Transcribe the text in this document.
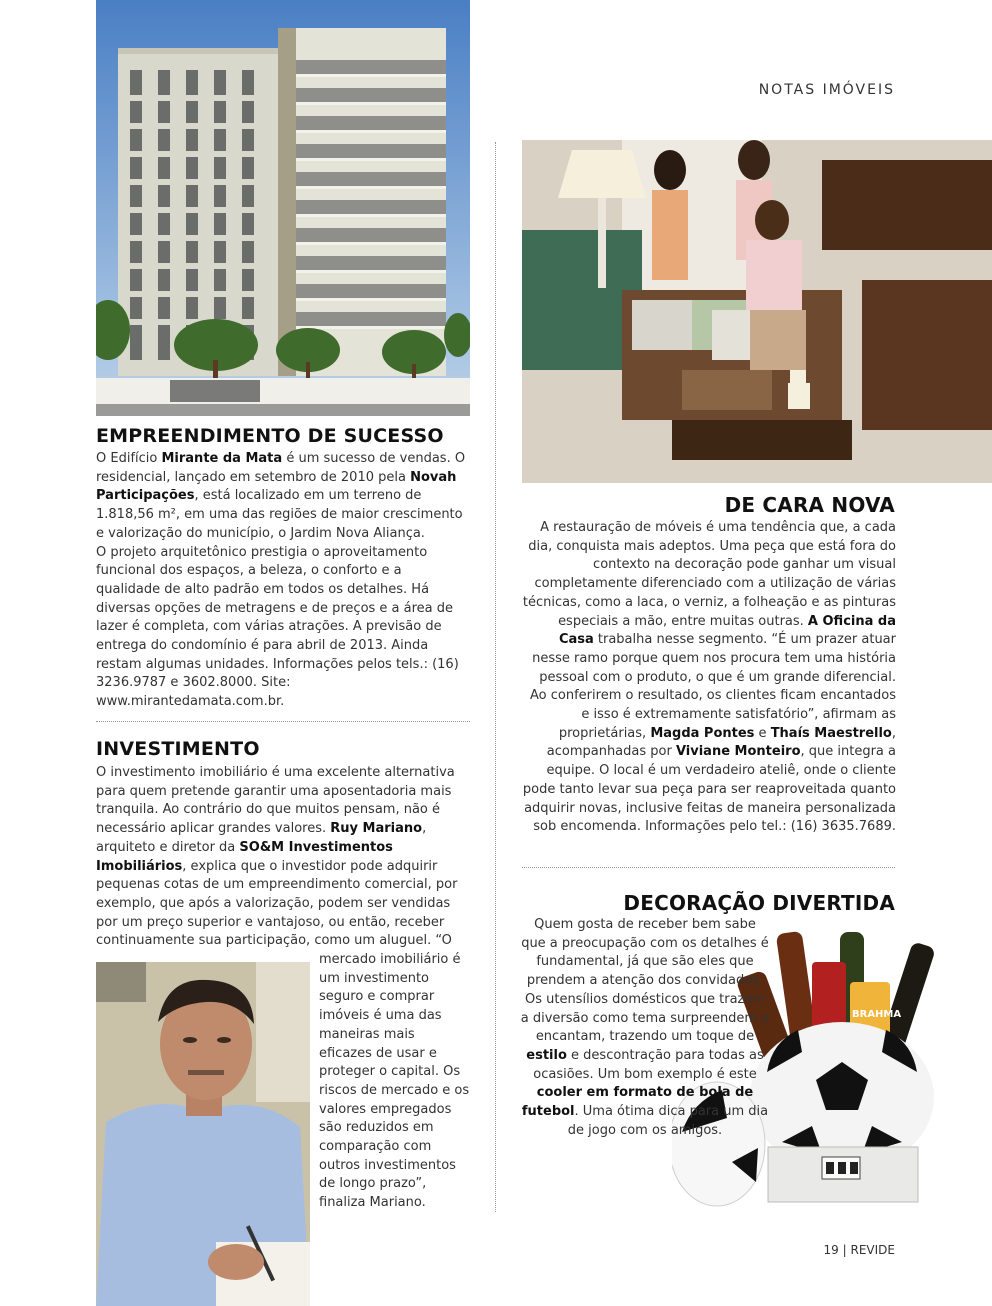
NOTAS IMÓVEIS
EMPREENDIMENTO DE SUCESSO

O Edifício Mirante da Mata é um sucesso de vendas. O residencial, lançado em setembro de 2010 pela Novah Participações, está localizado em um terreno de 1.818,56 m², em uma das regiões de maior crescimento e valorização do município, o Jardim Nova Aliança.

O projeto arquitetônico prestigia o aproveitamento funcional dos espaços, a beleza, o conforto e a qualidade de alto padrão em todos os detalhes. Há diversas opções de metragens e de preços e a área de lazer é completa, com várias atrações. A previsão de entrega do condomínio é para abril de 2013. Ainda restam algumas unidades. Informações pelos tels.: (16) 3236.9787 e 3602.8000. Site: www.mirantedamata.com.br.

INVESTIMENTO

O investimento imobiliário é uma excelente alternativa para quem pretende garantir uma aposentadoria mais tranquila. Ao contrário do que muitos pensam, não é necessário aplicar grandes valores. Ruy Mariano, arquiteto e diretor da SO&M Investimentos Imobiliários, explica que o investidor pode adquirir pequenas cotas de um empreendimento comercial, por exemplo, que após a valorização, podem ser vendidas por um preço superior e vantajoso, ou então, receber continuamente sua participação, como um aluguel. “O

mercado imobiliário é um investimento seguro e comprar imóveis é uma das maneiras mais eficazes de usar e proteger o capital. Os riscos de mercado e os valores empregados são reduzidos em comparação com outros investimentos de longo prazo”, finaliza Mariano.

DE CARA NOVA

A restauração de móveis é uma tendência que, a cada dia, conquista mais adeptos. Uma peça que está fora do contexto na decoração pode ganhar um visual completamente diferenciado com a utilização de várias técnicas, como a laca, o verniz, a folheação e as pinturas especiais a mão, entre muitas outras. A Oficina da Casa trabalha nesse segmento. “É um prazer atuar nesse ramo porque quem nos procura tem uma história pessoal com o produto, o que é um grande diferencial. Ao conferirem o resultado, os clientes ficam encantados e isso é extremamente satisfatório”, afirmam as proprietárias, Magda Pontes e Thaís Maestrello, acompanhadas por Viviane Monteiro, que integra a equipe. O local é um verdadeiro ateliê, onde o cliente pode tanto levar sua peça para ser reaproveitada quanto adquirir novas, inclusive feitas de maneira personalizada sob encomenda. Informações pelo tel.: (16) 3635.7689.

DECORAÇÃO DIVERTIDA
BRAHMA

Quem gosta de receber bem sabe que a preocupação com os detalhes é fundamental, já que são eles que prendem a atenção dos convidados. Os utensílios domésticos que trazem a diversão como tema surpreendem e encantam, trazendo um toque de estilo e descontração para todas as ocasiões. Um bom exemplo é este cooler em formato de bola de futebol. Uma ótima dica para um dia de jogo com os amigos.

19 | REVIDE
